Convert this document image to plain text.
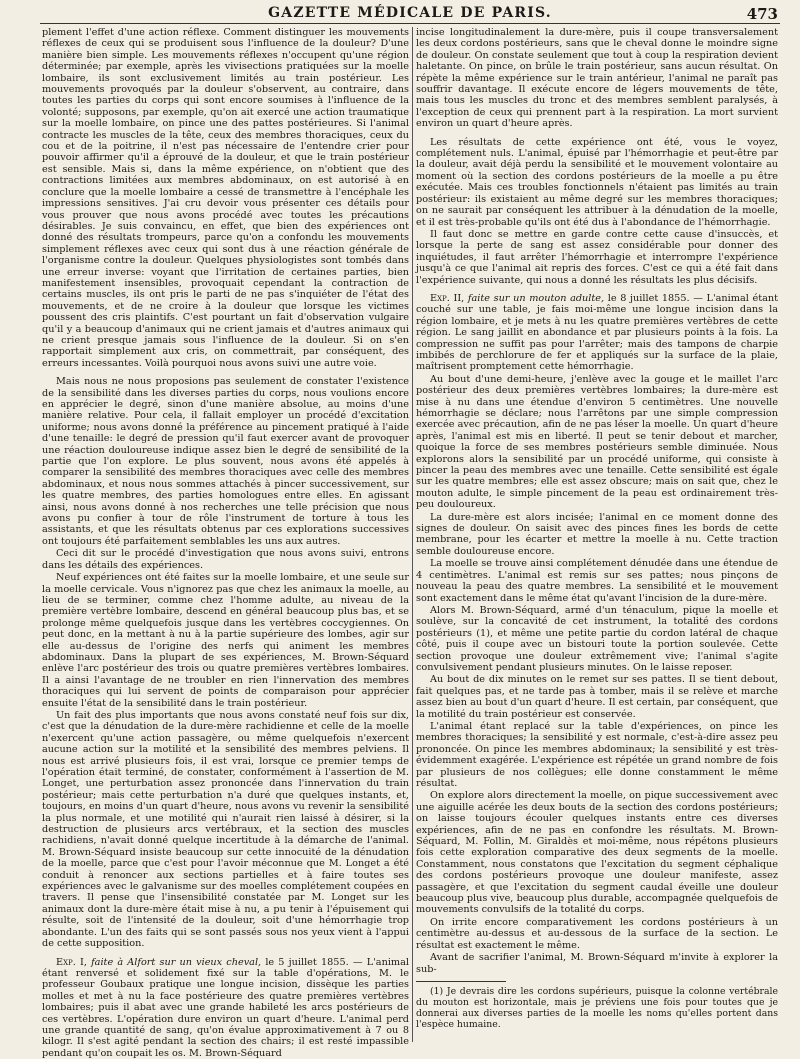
GAZETTE MÉDICALE DE PARIS.	473

plement l'effet d'une action réflexe. Comment distinguer les mouvements réflexes de ceux qui se produisent sous l'influence de la douleur? D'une manière bien simple. Les mouvements réflexes n'occupent qu'une région déterminée; par exemple, après les vivisections pratiquées sur la moelle lombaire, ils sont exclusivement limités au train postérieur. Les mouvements provoqués par la douleur s'observent, au contraire, dans toutes les parties du corps qui sont encore soumises à l'influence de la volonté; supposons, par exemple, qu'on ait exercé une action traumatique sur la moelle lombaire, on pince une des pattes postérieures. Si l'animal contracte les muscles de la tête, ceux des membres thoraciques, ceux du cou et de la poitrine, il n'est pas nécessaire de l'entendre crier pour pouvoir affirmer qu'il a éprouvé de la douleur, et que le train postérieur est sensible. Mais si, dans la même expérience, on n'obtient que des contractions limitées aux membres abdominaux, on est autorisé à en conclure que la moelle lombaire a cessé de transmettre à l'encéphale les impressions sensitives. J'ai cru devoir vous présenter ces détails pour vous prouver que nous avons procédé avec toutes les précautions désirables. Je suis convaincu, en effet, que bien des expériences ont donné des résultats trompeurs, parce qu'on a confondu les mouvements simplement réflexes avec ceux qui sont dus à une réaction générale de l'organisme contre la douleur. Quelques physiologistes sont tombés dans une erreur inverse: voyant que l'irritation de certaines parties, bien manifestement insensibles, provoquait cependant la contraction de certains muscles, ils ont pris le parti de ne pas s'inquiéter de l'état des mouvements, et de ne croire à la douleur que lorsque les victimes poussent des cris plaintifs. C'est pourtant un fait d'observation vulgaire qu'il y a beaucoup d'animaux qui ne crient jamais et d'autres animaux qui ne crient presque jamais sous l'influence de la douleur. Si on s'en rapportait simplement aux cris, on commettrait, par conséquent, des erreurs incessantes. Voilà pourquoi nous avons suivi une autre voie.

Mais nous ne nous proposions pas seulement de constater l'existence de la sensibilité dans les diverses parties du corps, nous voulions encore en apprécier le degré, sinon d'une manière absolue, au moins d'une manière relative. Pour cela, il fallait employer un procédé d'excitation uniforme; nous avons donné la préférence au pincement pratiqué à l'aide d'une tenaille: le degré de pression qu'il faut exercer avant de provoquer une réaction douloureuse indique assez bien le degré de sensibilité de la partie que l'on explore. Le plus souvent, nous avons été appelés à comparer la sensibilité des membres thoraciques avec celle des membres abdominaux, et nous nous sommes attachés à pincer successivement, sur les quatre membres, des parties homologues entre elles. En agissant ainsi, nous avons donné à nos recherches une telle précision que nous avons pu confier à tour de rôle l'instrument de torture à tous les assistants, et que les résultats obtenus par ces explorations successives ont toujours été parfaitement semblables les uns aux autres.

Ceci dit sur le procédé d'investigation que nous avons suivi, entrons dans les détails des expériences.

Neuf expériences ont été faites sur la moelle lombaire, et une seule sur la moelle cervicale. Vous n'ignorez pas que chez les animaux la moelle, au lieu de se terminer, comme chez l'homme adulte, au niveau de la première vertèbre lombaire, descend en général beaucoup plus bas, et se prolonge même quelquefois jusque dans les vertèbres coccygiennes. On peut donc, en la mettant à nu à la partie supérieure des lombes, agir sur elle au-dessus de l'origine des nerfs qui animent les membres abdominaux. Dans la plupart de ses expériences, M. Brown-Séquard enlève l'arc postérieur des trois ou quatre premières vertèbres lombaires. Il a ainsi l'avantage de ne troubler en rien l'innervation des membres thoraciques qui lui servent de points de comparaison pour apprécier ensuite l'état de la sensibilité dans le train postérieur.

Un fait des plus importants que nous avons constaté neuf fois sur dix, c'est que la dénudation de la dure-mère rachidienne et celle de la moelle n'exercent qu'une action passagère, ou même quelquefois n'exercent aucune action sur la motilité et la sensibilité des membres pelviens. Il nous est arrivé plusieurs fois, il est vrai, lorsque ce premier temps de l'opération était terminé, de constater, conformément à l'assertion de M. Longet, une perturbation assez prononcée dans l'innervation du train postérieur; mais cette perturbation n'a duré que quelques instants, et, toujours, en moins d'un quart d'heure, nous avons vu revenir la sensibilité la plus normale, et une motilité qui n'aurait rien laissé à désirer, si la destruction de plusieurs arcs vertébraux, et la section des muscles rachidiens, n'avait donné quelque incertitude à la démarche de l'animal. M. Brown-Séquard insiste beaucoup sur cette innocuité de la dénudation de la moelle, parce que c'est pour l'avoir méconnue que M. Longet a été conduit à renoncer aux sections partielles et à faire toutes ses expériences avec le galvanisme sur des moelles complétement coupées en travers. Il pense que l'insensibilité constatée par M. Longet sur les animaux dont la dure-mère était mise à nu, a pu tenir à l'épuisement qui résulte, soit de l'intensité de la douleur, soit d'une hémorrhagie trop abondante. L'un des faits qui se sont passés sous nos yeux vient à l'appui de cette supposition.

Exp. I, faite à Alfort sur un vieux cheval, le 5 juillet 1855. — L'animal étant renversé et solidement fixé sur la table d'opérations, M. le professeur Goubaux pratique une longue incision, dissèque les parties molles et met à nu la face postérieure des quatre premières vertèbres lombaires; puis il abat avec une grande habileté les arcs postérieurs de ces vertèbres. L'opération dure environ un quart d'heure. L'animal perd une grande quantité de sang, qu'on évalue approximativement à 7 ou 8 kilogr. Il s'est agité pendant la section des chairs; il est resté impassible pendant qu'on coupait les os. M. Brown-Séquard

incise longitudinalement la dure-mère, puis il coupe transversalement les deux cordons postérieurs, sans que le cheval donne le moindre signe de douleur. On constate seulement que tout à coup la respiration devient haletante. On pince, on brûle le train postérieur, sans aucun résultat. On répète la même expérience sur le train antérieur, l'animal ne paraît pas souffrir davantage. Il exécute encore de légers mouvements de tête, mais tous les muscles du tronc et des membres semblent paralysés, à l'exception de ceux qui prennent part à la respiration. La mort survient environ un quart d'heure après.

Les résultats de cette expérience ont été, vous le voyez, complétement nuls. L'animal, épuisé par l'hémorrhagie et peut-être par la douleur, avait déjà perdu la sensibilité et le mouvement volontaire au moment où la section des cordons postérieurs de la moelle a pu être exécutée. Mais ces troubles fonctionnels n'étaient pas limités au train postérieur: ils existaient au même degré sur les membres thoraciques; on ne saurait par conséquent les attribuer à la dénudation de la moelle, et il est très-probable qu'ils ont été dus à l'abondance de l'hémorrhagie.

Il faut donc se mettre en garde contre cette cause d'insuccès, et lorsque la perte de sang est assez considérable pour donner des inquiétudes, il faut arrêter l'hémorrhagie et interrompre l'expérience jusqu'à ce que l'animal ait repris des forces. C'est ce qui a été fait dans l'expérience suivante, qui nous a donné les résultats les plus décisifs.

Exp. II, faite sur un mouton adulte, le 8 juillet 1855. — L'animal étant couché sur une table, je fais moi-même une longue incision dans la région lombaire, et je mets à nu les quatre premières vertèbres de cette région. Le sang jaillit en abondance et par plusieurs points à la fois. La compression ne suffit pas pour l'arrêter; mais des tampons de charpie imbibés de perchlorure de fer et appliqués sur la surface de la plaie, maîtrisent promptement cette hémorrhagie.

Au bout d'une demi-heure, j'enlève avec la gouge et le maillet l'arc postérieur des deux premières vertèbres lombaires; la dure-mère est mise à nu dans une étendue d'environ 5 centimètres. Une nouvelle hémorrhagie se déclare; nous l'arrêtons par une simple compression exercée avec précaution, afin de ne pas léser la moelle. Un quart d'heure après, l'animal est mis en liberté. Il peut se tenir debout et marcher, quoique la force de ses membres postérieurs semble diminuée. Nous explorons alors la sensibilité par un procédé uniforme, qui consiste à pincer la peau des membres avec une tenaille. Cette sensibilité est égale sur les quatre membres; elle est assez obscure; mais on sait que, chez le mouton adulte, le simple pincement de la peau est ordinairement très-peu douloureux.

La dure-mère est alors incisée; l'animal en ce moment donne des signes de douleur. On saisit avec des pinces fines les bords de cette membrane, pour les écarter et mettre la moelle à nu. Cette traction semble douloureuse encore.

La moelle se trouve ainsi complétement dénudée dans une étendue de 4 centimètres. L'animal est remis sur ses pattes; nous pinçons de nouveau la peau des quatre membres. La sensibilité et le mouvement sont exactement dans le même état qu'avant l'incision de la dure-mère.

Alors M. Brown-Séquard, armé d'un ténaculum, pique la moelle et soulève, sur la concavité de cet instrument, la totalité des cordons postérieurs (1), et même une petite partie du cordon latéral de chaque côté, puis il coupe avec un bistouri toute la portion soulevée. Cette section provoque une douleur extrêmement vive; l'animal s'agite convulsivement pendant plusieurs minutes. On le laisse reposer.

Au bout de dix minutes on le remet sur ses pattes. Il se tient debout, fait quelques pas, et ne tarde pas à tomber, mais il se relève et marche assez bien au bout d'un quart d'heure. Il est certain, par conséquent, que la motilité du train postérieur est conservée.

L'animal étant replacé sur la table d'expériences, on pince les membres thoraciques; la sensibilité y est normale, c'est-à-dire assez peu prononcée. On pince les membres abdominaux; la sensibilité y est très-évidemment exagérée. L'expérience est répétée un grand nombre de fois par plusieurs de nos collègues; elle donne constamment le même résultat.

On explore alors directement la moelle, on pique successivement avec une aiguille acérée les deux bouts de la section des cordons postérieurs; on laisse toujours écouler quelques instants entre ces diverses expériences, afin de ne pas en confondre les résultats. M. Brown-Séquard, M. Follin, M. Giraldès et moi-même, nous répétons plusieurs fois cette exploration comparative des deux segments de la moelle. Constamment, nous constatons que l'excitation du segment céphalique des cordons postérieurs provoque une douleur manifeste, assez passagère, et que l'excitation du segment caudal éveille une douleur beaucoup plus vive, beaucoup plus durable, accompagnée quelquefois de mouvements convulsifs de la totalité du corps.

On irrite encore comparativement les cordons postérieurs à un centimètre au-dessus et au-dessous de la surface de la section. Le résultat est exactement le même.

Avant de sacrifier l'animal, M. Brown-Séquard m'invite à explorer la sub-

(1) Je devrais dire les cordons supérieurs, puisque la colonne vertébrale du mouton est horizontale, mais je préviens une fois pour toutes que je donnerai aux diverses parties de la moelle les noms qu'elles portent dans l'espèce humaine.
